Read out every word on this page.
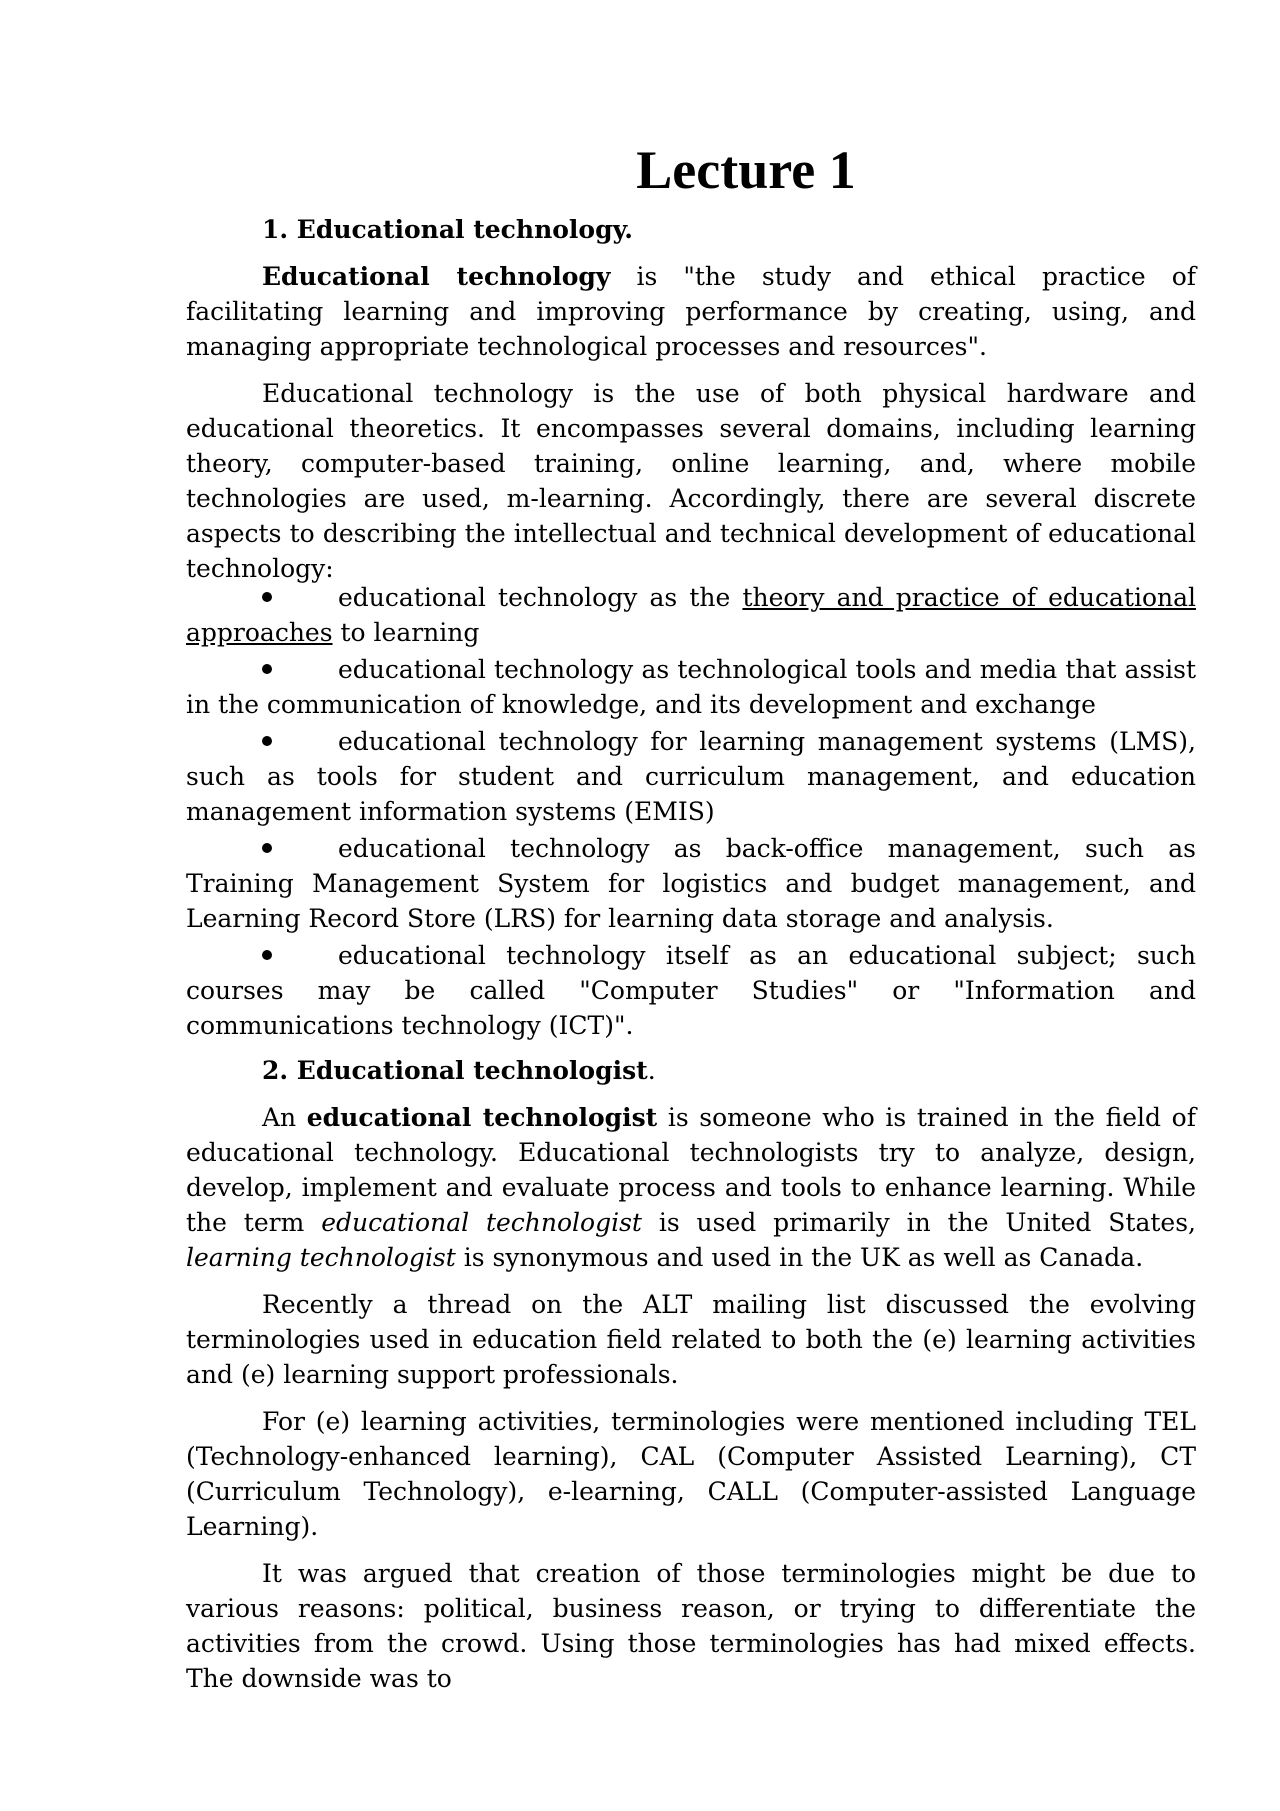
Lecture 1

1. Educational technology.

Educational technology is "the study and ethical practice of facilitating learning and improving performance by creating, using, and managing appropriate technological processes and resources".

Educational technology is the use of both physical hardware and educational theoretics. It encompasses several domains, including learning theory, computer-based training, online learning, and, where mobile technologies are used, m-learning. Accordingly, there are several discrete aspects to describing the intellectual and technical development of educational technology:

educational technology as the theory and practice of educational approaches to learning

educational technology as technological tools and media that assist in the communication of knowledge, and its development and exchange

educational technology for learning management systems (LMS), such as tools for student and curriculum management, and education management information systems (EMIS)

educational technology as back-office management, such as Training Management System for logistics and budget management, and Learning Record Store (LRS) for learning data storage and analysis.

educational technology itself as an educational subject; such courses may be called "Computer Studies" or "Information and communications technology (ICT)".

2. Educational technologist.

An educational technologist is someone who is trained in the field of educational technology. Educational technologists try to analyze, design, develop, implement and evaluate process and tools to enhance learning. While the term educational technologist is used primarily in the United States, learning technologist is synonymous and used in the UK as well as Canada.

Recently a thread on the ALT mailing list discussed the evolving terminologies used in education field related to both the (e) learning activities and (e) learning support professionals.

For (e) learning activities, terminologies were mentioned including TEL (Technology-enhanced learning), CAL (Computer Assisted Learning), CT (Curriculum Technology), e-learning, CALL (Computer-assisted Language Learning).

It was argued that creation of those terminologies might be due to various reasons: political, business reason, or trying to differentiate the activities from the crowd. Using those terminologies has had mixed effects. The downside was to
